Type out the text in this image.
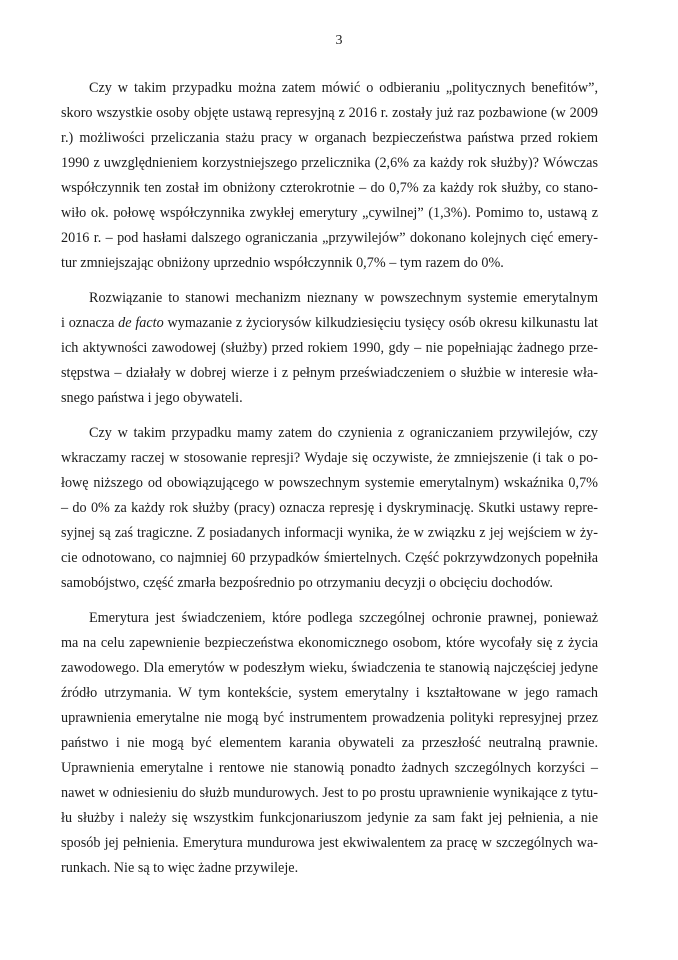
3

Czy w takim przypadku można zatem mówić o odbieraniu „politycznych benefitów”,
skoro wszystkie osoby objęte ustawą represyjną z 2016 r. zostały już raz pozbawione (w 2009
r.) możliwości przeliczania stażu pracy w organach bezpieczeństwa państwa przed rokiem
1990 z uwzględnieniem korzystniejszego przelicznika (2,6% za każdy rok służby)? Wówczas
współczynnik ten został im obniżony czterokrotnie – do 0,7% za każdy rok służby, co stano-
wiło ok. połowę współczynnika zwykłej emerytury „cywilnej” (1,3%). Pomimo to, ustawą z
2016 r. – pod hasłami dalszego ograniczania „przywilejów” dokonano kolejnych cięć emery-
tur zmniejszając obniżony uprzednio współczynnik 0,7% – tym razem do 0%.

Rozwiązanie to stanowi mechanizm nieznany w powszechnym systemie emerytalnym
i oznacza de facto wymazanie z życiorysów kilkudziesięciu tysięcy osób okresu kilkunastu lat
ich aktywności zawodowej (służby) przed rokiem 1990, gdy – nie popełniając żadnego prze-
stępstwa – działały w dobrej wierze i z pełnym przeświadczeniem o służbie w interesie wła-
snego państwa i jego obywateli.

Czy w takim przypadku mamy zatem do czynienia z ograniczaniem przywilejów, czy
wkraczamy raczej w stosowanie represji? Wydaje się oczywiste, że zmniejszenie (i tak o po-
łowę niższego od obowiązującego w powszechnym systemie emerytalnym) wskaźnika 0,7%
– do 0% za każdy rok służby (pracy) oznacza represję i dyskryminację. Skutki ustawy repre-
syjnej są zaś tragiczne. Z posiadanych informacji wynika, że w związku z jej wejściem w ży-
cie odnotowano, co najmniej 60 przypadków śmiertelnych. Część pokrzywdzonych popełniła
samobójstwo, część zmarła bezpośrednio po otrzymaniu decyzji o obcięciu dochodów.

Emerytura jest świadczeniem, które podlega szczególnej ochronie prawnej, ponieważ
ma na celu zapewnienie bezpieczeństwa ekonomicznego osobom, które wycofały się z życia
zawodowego. Dla emerytów w podeszłym wieku, świadczenia te stanowią najczęściej jedyne
źródło utrzymania. W tym kontekście, system emerytalny i kształtowane w jego ramach
uprawnienia emerytalne nie mogą być instrumentem prowadzenia polityki represyjnej przez
państwo i nie mogą być elementem karania obywateli za przeszłość neutralną prawnie.
Uprawnienia emerytalne i rentowe nie stanowią ponadto żadnych szczególnych korzyści –
nawet w odniesieniu do służb mundurowych. Jest to po prostu uprawnienie wynikające z tytu-
łu służby i należy się wszystkim funkcjonariuszom jedynie za sam fakt jej pełnienia, a nie
sposób jej pełnienia. Emerytura mundurowa jest ekwiwalentem za pracę w szczególnych wa-
runkach. Nie są to więc żadne przywileje.
